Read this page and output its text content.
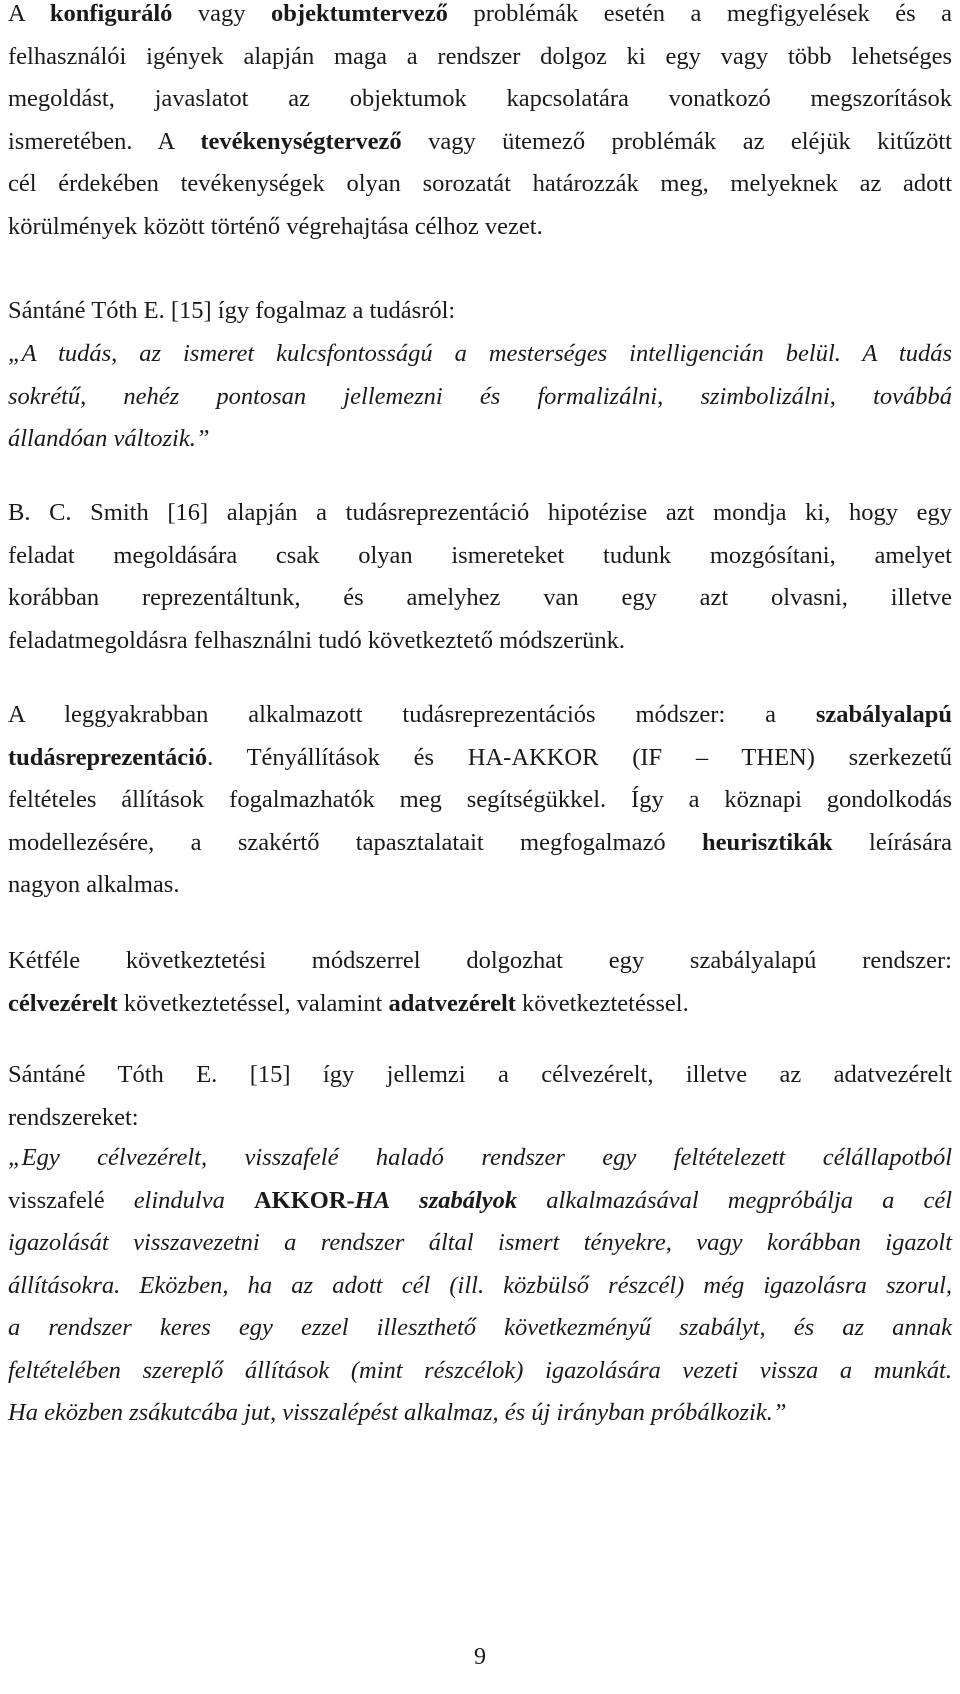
A konfiguráló vagy objektumtervező problémák esetén a megfigyelések és a
felhasználói igények alapján maga a rendszer dolgoz ki egy vagy több lehetséges
megoldást, javaslatot az objektumok kapcsolatára vonatkozó megszorítások
ismeretében. A tevékenységtervező vagy ütemező problémák az eléjük kitűzött
cél érdekében tevékenységek olyan sorozatát határozzák meg, melyeknek az adott
körülmények között történő végrehajtása célhoz vezet.

Sántáné Tóth E. [15] így fogalmaz a tudásról:

„A tudás, az ismeret kulcsfontosságú a mesterséges intelligencián belül. A tudás
sokrétű, nehéz pontosan jellemezni és formalizálni, szimbolizálni, továbbá
állandóan változik.”

B. C. Smith [16] alapján a tudásreprezentáció hipotézise azt mondja ki, hogy egy
feladat megoldására csak olyan ismereteket tudunk mozgósítani, amelyet
korábban reprezentáltunk, és amelyhez van egy azt olvasni, illetve
feladatmegoldásra felhasználni tudó következtető módszerünk.

A leggyakrabban alkalmazott tudásreprezentációs módszer: a szabályalapú
tudásreprezentáció. Tényállítások és HA-AKKOR (IF – THEN) szerkezetű
feltételes állítások fogalmazhatók meg segítségükkel. Így a köznapi gondolkodás
modellezésére, a szakértő tapasztalatait megfogalmazó heurisztikák leírására
nagyon alkalmas.

Kétféle következtetési módszerrel dolgozhat egy szabályalapú rendszer:
célvezérelt következtetéssel, valamint adatvezérelt következtetéssel.

Sántáné Tóth E. [15] így jellemzi a célvezérelt, illetve az adatvezérelt
rendszereket:

„Egy célvezérelt, visszafelé haladó rendszer egy feltételezett célállapotból
visszafelé elindulva AKKOR-HA szabályok alkalmazásával megpróbálja a cél
igazolását visszavezetni a rendszer által ismert tényekre, vagy korábban igazolt
állításokra. Eközben, ha az adott cél (ill. közbülső részcél) még igazolásra szorul,
a rendszer keres egy ezzel illeszthető következményű szabályt, és az annak
feltételében szereplő állítások (mint részcélok) igazolására vezeti vissza a munkát.
Ha eközben zsákutcába jut, visszalépést alkalmaz, és új irányban próbálkozik.”

9
